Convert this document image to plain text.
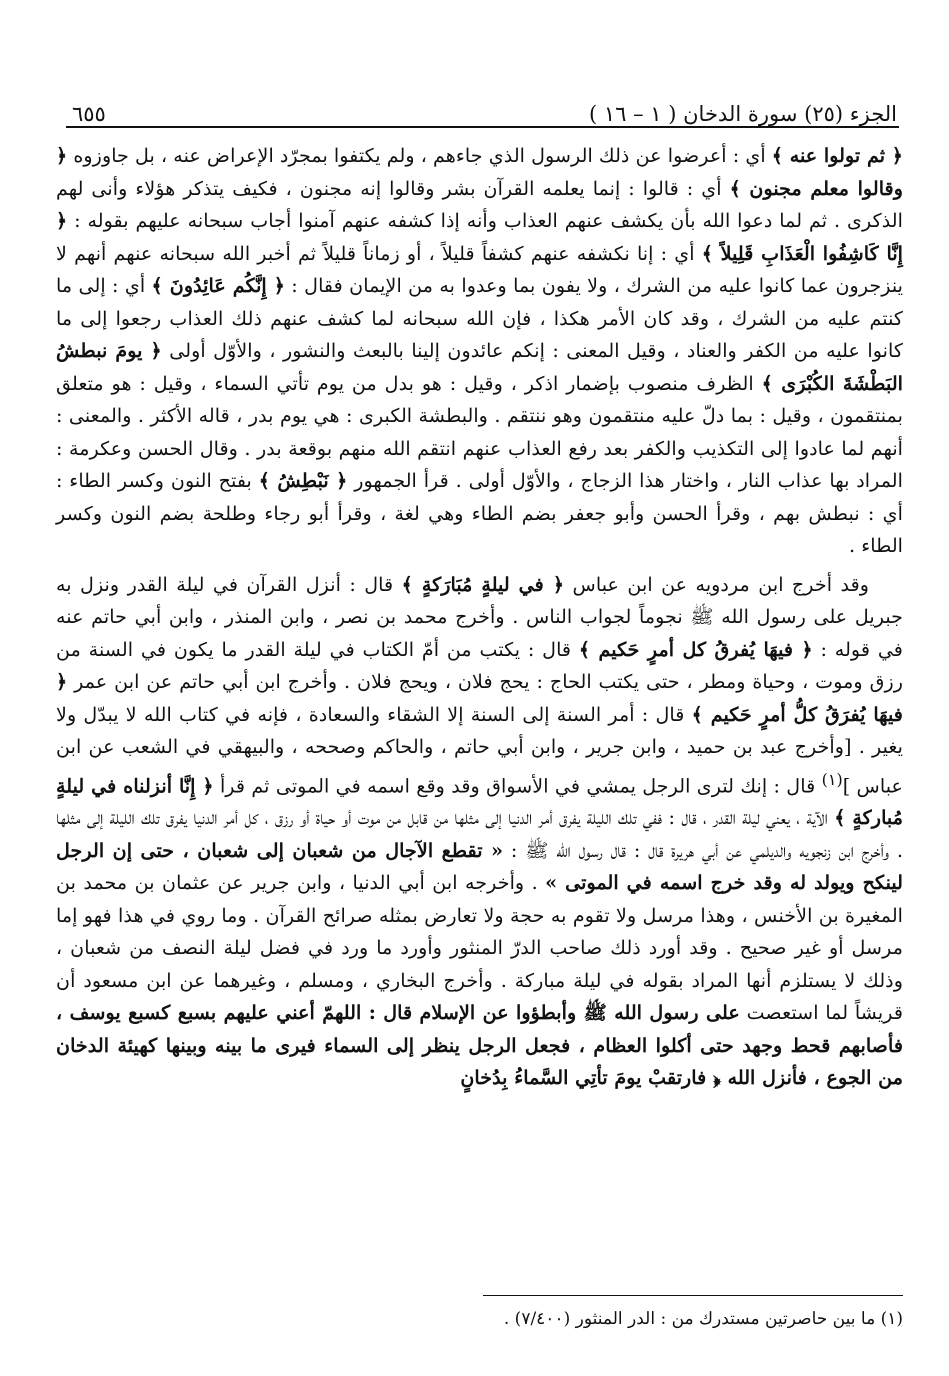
الجزء (٢٥) سورة الدخان ( ١ – ١٦ )
٦٥٥

﴿ ثم تولوا عنه ﴾ أي : أعرضوا عن ذلك الرسول الذي جاءهم ، ولم يكتفوا بمجرّد الإعراض عنه ، بل جاوزوه ﴿ وقالوا معلم مجنون ﴾ أي : قالوا : إنما يعلمه القرآن بشر وقالوا إنه مجنون ، فكيف يتذكر هؤلاء وأنى لهم الذكرى . ثم لما دعوا الله بأن يكشف عنهم العذاب وأنه إذا كشفه عنهم آمنوا أجاب سبحانه عليهم بقوله : ﴿ إِنَّا كَاشِفُوا الْعَذَابِ قَلِيلاً ﴾ أي : إنا نكشفه عنهم كشفاً قليلاً ، أو زماناً قليلاً ثم أخبر الله سبحانه عنهم أنهم لا ينزجرون عما كانوا عليه من الشرك ، ولا يفون بما وعدوا به من الإيمان فقال : ﴿ إِنَّكُم عَائِدُونَ ﴾ أي : إلى ما كنتم عليه من الشرك ، وقد كان الأمر هكذا ، فإن الله سبحانه لما كشف عنهم ذلك العذاب رجعوا إلى ما كانوا عليه من الكفر والعناد ، وقيل المعنى : إنكم عائدون إلينا بالبعث والنشور ، والأوّل أولى ﴿ يومَ نبطشُ البَطْشَةَ الكُبْرَى ﴾ الظرف منصوب بإضمار اذكر ، وقيل : هو بدل من يوم تأتي السماء ، وقيل : هو متعلق بمنتقمون ، وقيل : بما دلّ عليه منتقمون وهو ننتقم . والبطشة الكبرى : هي يوم بدر ، قاله الأكثر . والمعنى : أنهم لما عادوا إلى التكذيب والكفر بعد رفع العذاب عنهم انتقم الله منهم بوقعة بدر . وقال الحسن وعكرمة : المراد بها عذاب النار ، واختار هذا الزجاج ، والأوّل أولى . قرأ الجمهور ﴿ نَبْطِشُ ﴾ بفتح النون وكسر الطاء : أي : نبطش بهم ، وقرأ الحسن وأبو جعفر بضم الطاء وهي لغة ، وقرأ أبو رجاء وطلحة بضم النون وكسر الطاء .

وقد أخرج ابن مردويه عن ابن عباس ﴿ في ليلةٍ مُبَارَكةٍ ﴾ قال : أنزل القرآن في ليلة القدر ونزل به جبريل على رسول الله ﷺ نجوماً لجواب الناس . وأخرج محمد بن نصر ، وابن المنذر ، وابن أبي حاتم عنه في قوله : ﴿ فيهَا يُفرقُ كل أمرٍ حَكيم ﴾ قال : يكتب من أمّ الكتاب في ليلة القدر ما يكون في السنة من رزق وموت ، وحياة ومطر ، حتى يكتب الحاج : يحج فلان ، ويحج فلان . وأخرج ابن أبي حاتم عن ابن عمر ﴿ فيهَا يُفرَقُ كلُّ أمرٍ حَكيم ﴾ قال : أمر السنة إلى السنة إلا الشقاء والسعادة ، فإنه في كتاب الله لا يبدّل ولا يغير . [وأخرج عبد بن حميد ، وابن جرير ، وابن أبي حاتم ، والحاكم وصححه ، والبيهقي في الشعب عن ابن عباس ]$^{(١)}$ قال : إنك لترى الرجل يمشي في الأسواق وقد وقع اسمه في الموتى ثم قرأ ﴿ إِنَّا أنزلناه في ليلةٍ مُباركةٍ ﴾ الآية ، يعني ليلة القدر ، قال : ففي تلك الليلة يفرق أمر الدنيا إلى مثلها من قابل من موت أو حياة أو رزق ، كل أمر الدنيا يفرق تلك الليلة إلى مثلها . وأخرج ابن زنجويه والديلمي عن أبي هريرة قال : قال رسول الله ﷺ : « تقطع الآجال من شعبان إلى شعبان ، حتى إن الرجل لينكح ويولد له وقد خرج اسمه في الموتى » . وأخرجه ابن أبي الدنيا ، وابن جرير عن عثمان بن محمد بن المغيرة بن الأخنس ، وهذا مرسل ولا تقوم به حجة ولا تعارض بمثله صرائح القرآن . وما روي في هذا فهو إما مرسل أو غير صحيح . وقد أورد ذلك صاحب الدرّ المنثور وأورد ما ورد في فضل ليلة النصف من شعبان ، وذلك لا يستلزم أنها المراد بقوله في ليلة مباركة . وأخرج البخاري ، ومسلم ، وغيرهما عن ابن مسعود أن قريشاً لما استعصت على رسول الله ﷺ وأبطؤوا عن الإسلام قال : اللهمّ أعني عليهم بسبع كسبع يوسف ، فأصابهم قحط وجهد حتى أكلوا العظام ، فجعل الرجل ينظر إلى السماء فيرى ما بينه وبينها كهيئة الدخان من الجوع ، فأنزل الله ﴿ فارتقبْ يومَ تأتِي السَّماءُ بِدُخانٍ

(١) ما بين حاصرتين مستدرك من : الدر المنثور (٧/٤٠٠) .
